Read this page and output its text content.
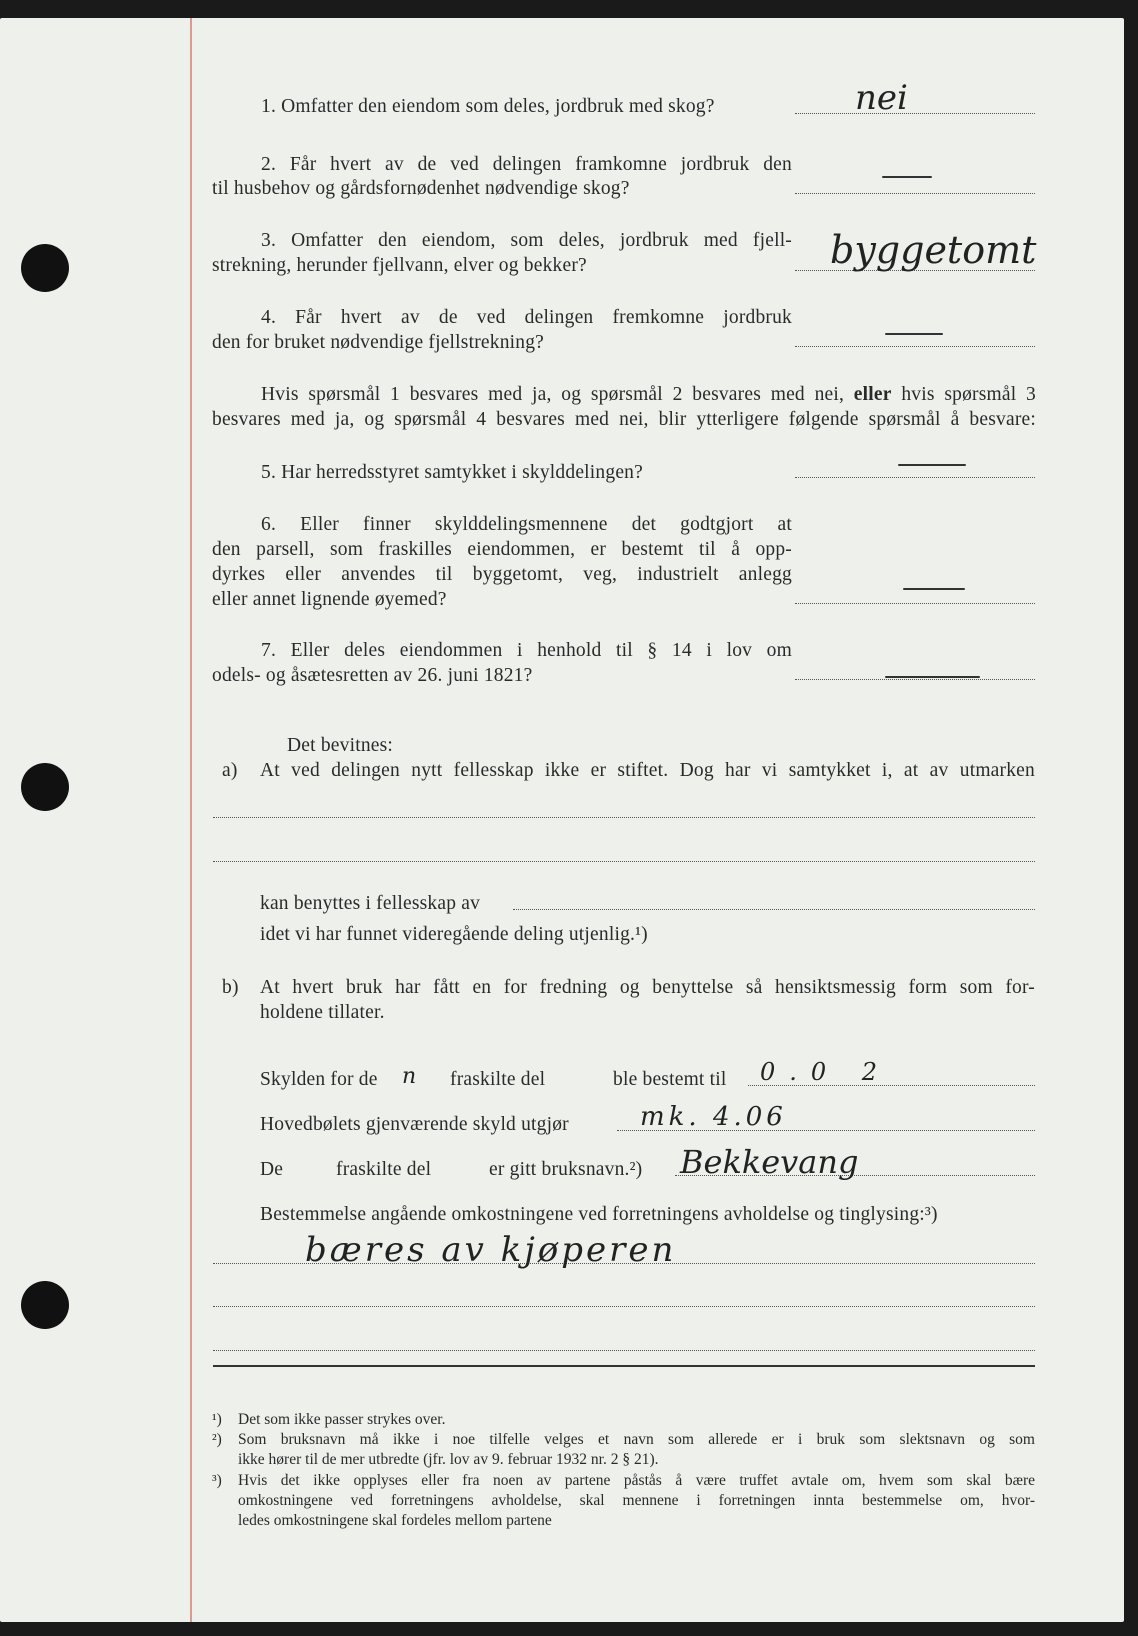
1. Omfatter den eiendom som deles, jordbruk med skog?	nei
2. Får hvert av de ved delingen framkomne jordbruk den
til husbehov og gårdsfornødenhet nødvendige skog?
3. Omfatter den eiendom, som deles, jordbruk med fjell-
strekning, herunder fjellvann, elver og bekker?	byggetomt
4. Får hvert av de ved delingen fremkomne jordbruk
den for bruket nødvendige fjellstrekning?
Hvis spørsmål 1 besvares med ja, og spørsmål 2 besvares med nei, eller hvis spørsmål 3
besvares med ja, og spørsmål 4 besvares med nei, blir ytterligere følgende spørsmål å besvare:
5. Har herredsstyret samtykket i skylddelingen?
6. Eller finner skylddelingsmennene det godtgjort at
den parsell, som fraskilles eiendommen, er bestemt til å opp-
dyrkes eller anvendes til byggetomt, veg, industrielt anlegg
eller annet lignende øyemed?
7. Eller deles eiendommen i henhold til § 14 i lov om
odels- og åsætesretten av 26. juni 1821?
Det bevitnes:
a) At ved delingen nytt fellesskap ikke er stiftet. Dog har vi samtykket i, at av utmarken
kan benyttes i fellesskap av
idet vi har funnet videregående deling utjenlig.¹)
b) At hvert bruk har fått en for fredning og benyttelse så hensiktsmessig form som for-
holdene tillater.
Skylden for de n fraskilte del	ble bestemt til 0.0 2
Hovedbølets gjenværende skyld utgjør	mk. 4.06
De	fraskilte del	er gitt bruksnavn.²) Bekkevang
Bestemmelse angående omkostningene ved forretningens avholdelse og tinglysing:³)
bæres av kjøperen
¹) Det som ikke passer strykes over.
²) Som bruksnavn må ikke i noe tilfelle velges et navn som allerede er i bruk som slektsnavn og som
ikke hører til de mer utbredte (jfr. lov av 9. februar 1932 nr. 2 § 21).
³) Hvis det ikke opplyses eller fra noen av partene påstås å være truffet avtale om, hvem som skal bære
omkostningene ved forretningens avholdelse, skal mennene i forretningen innta bestemmelse om, hvor-
ledes omkostningene skal fordeles mellom partene
